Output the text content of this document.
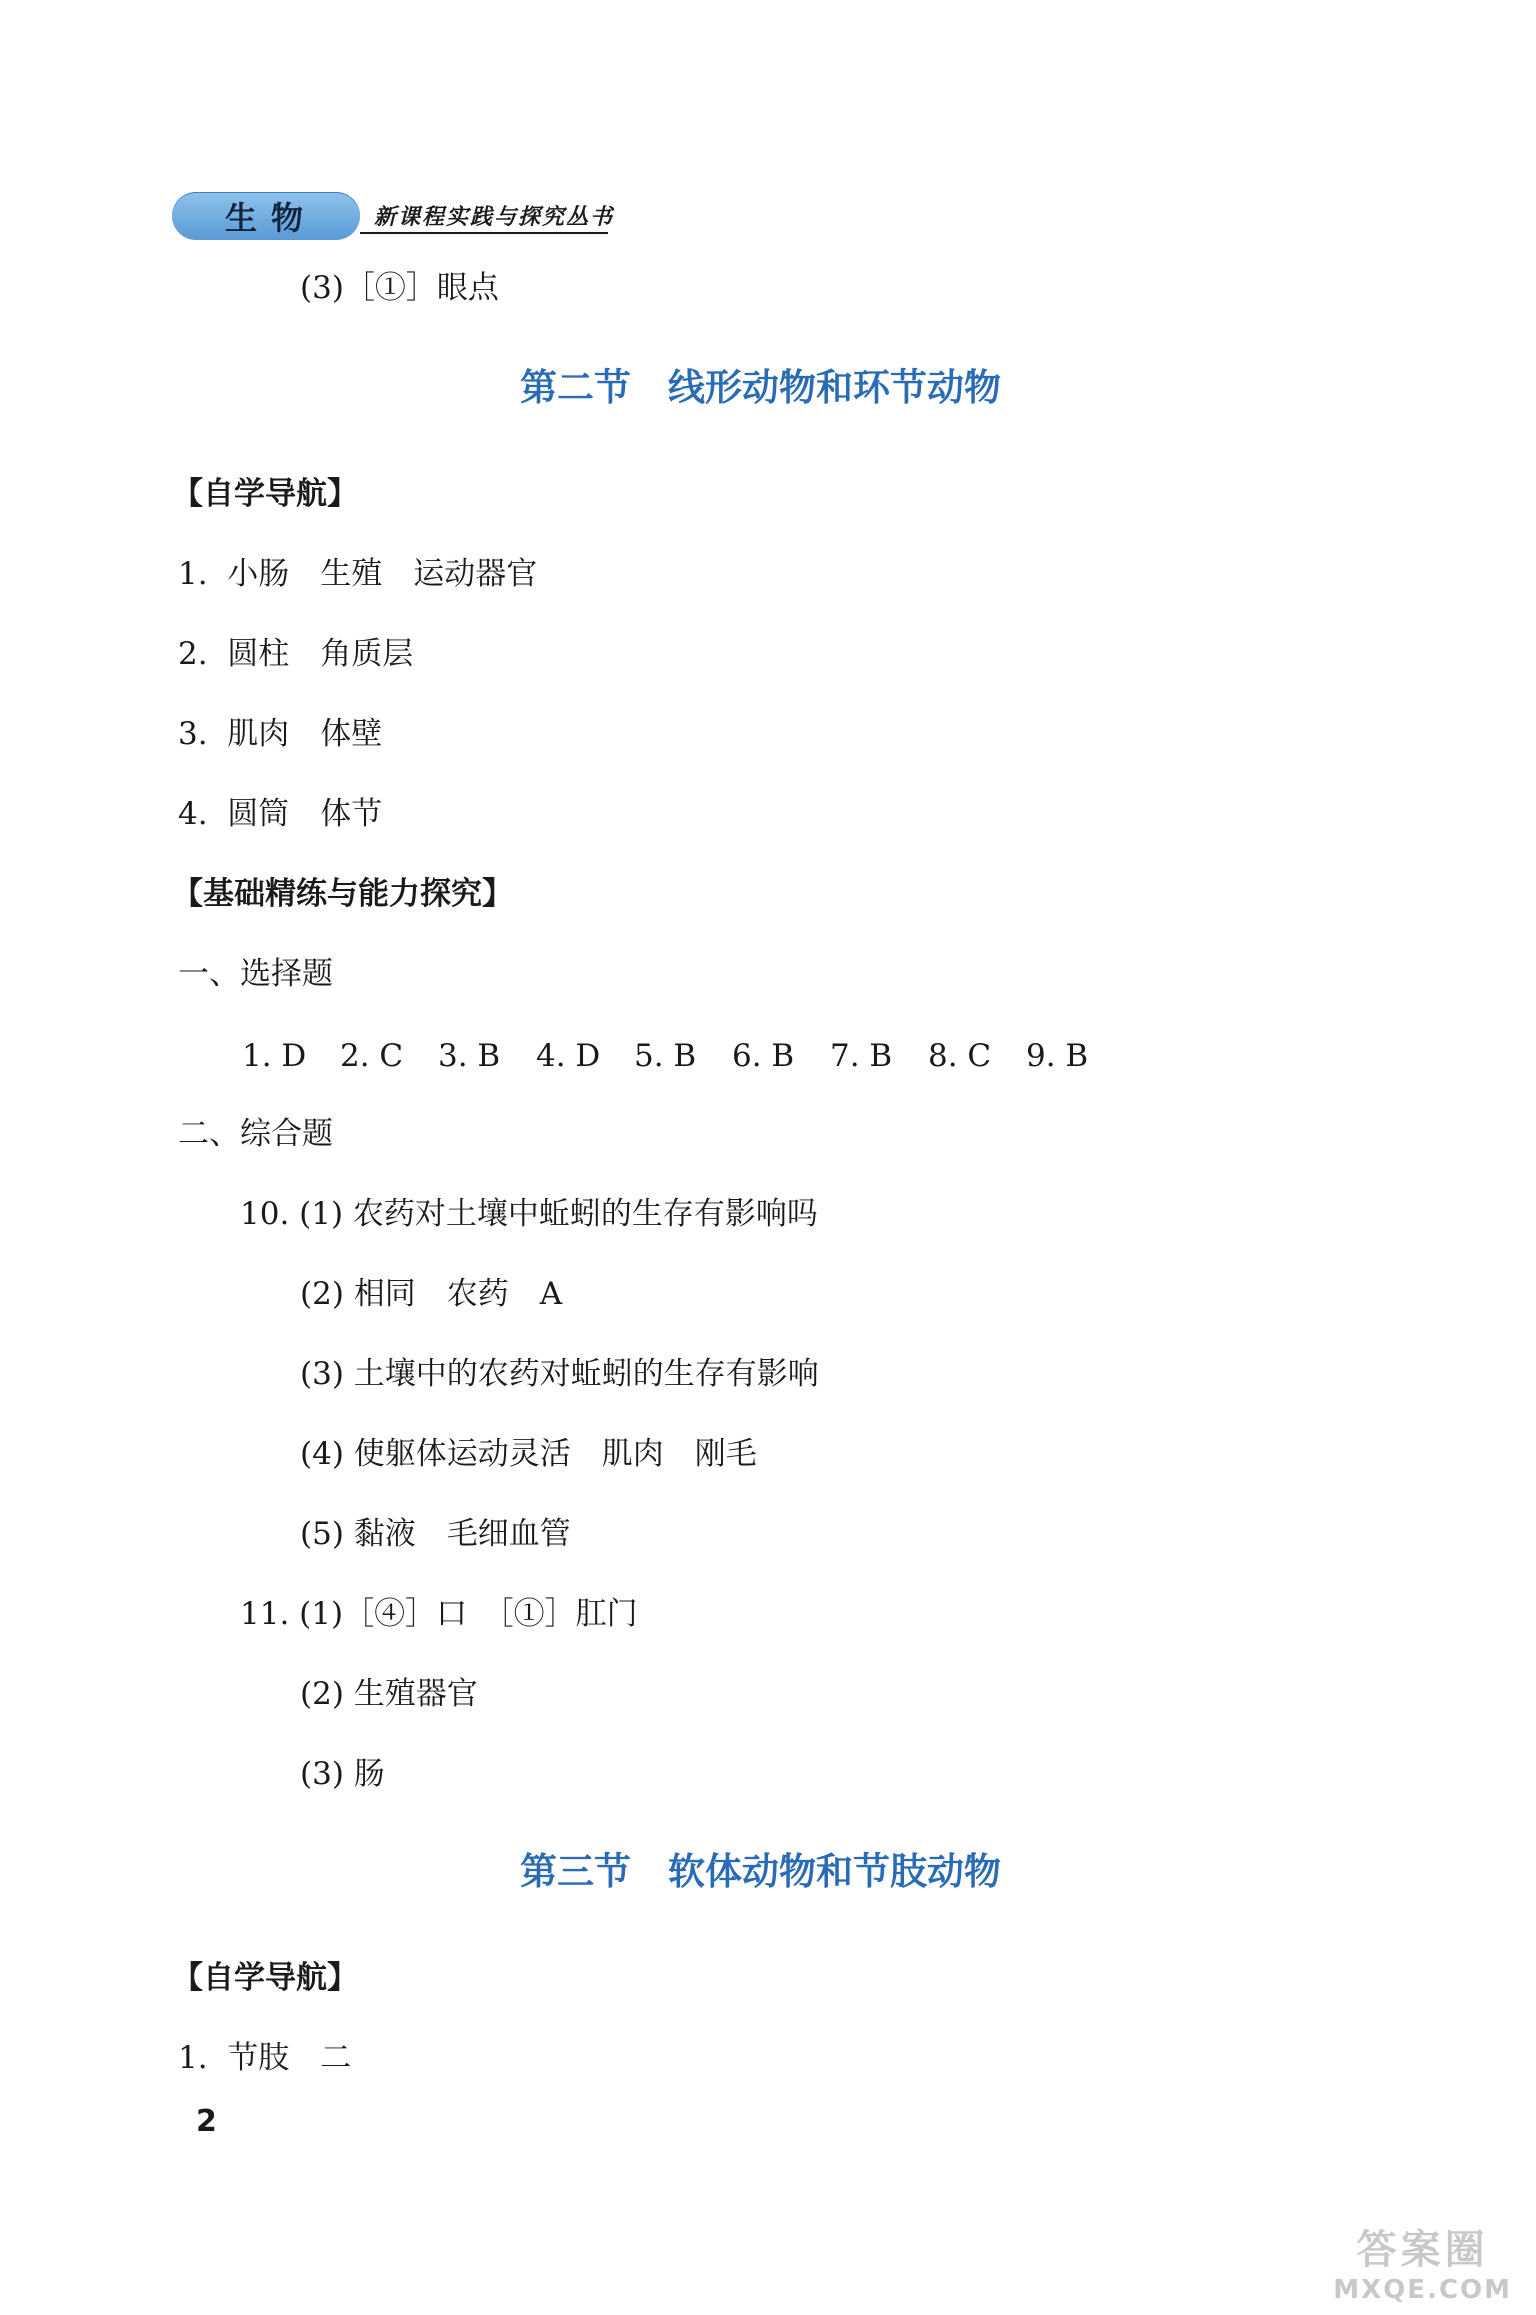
生物	新课程实践与探究丛书
(3)［①］眼点
第二节　线形动物和环节动物
【自学导航】
1.  小肠　生殖　运动器官
2.  圆柱　角质层
3.  肌肉　体壁
4.  圆筒　体节
【基础精练与能力探究】
一、选择题
1. D	2. C	3. B	4. D	5. B	6. B	7. B	8. C	9. B
二、综合题
10. (1) 农药对土壤中蚯蚓的生存有影响吗
(2) 相同　农药　A
(3) 土壤中的农药对蚯蚓的生存有影响
(4) 使躯体运动灵活　肌肉　刚毛
(5) 黏液　毛细血管
11. (1)［④］口　［①］肛门
(2) 生殖器官
(3) 肠
第三节　软体动物和节肢动物
【自学导航】
1.  节肢　二
2
答案圈
MXQE.COM
